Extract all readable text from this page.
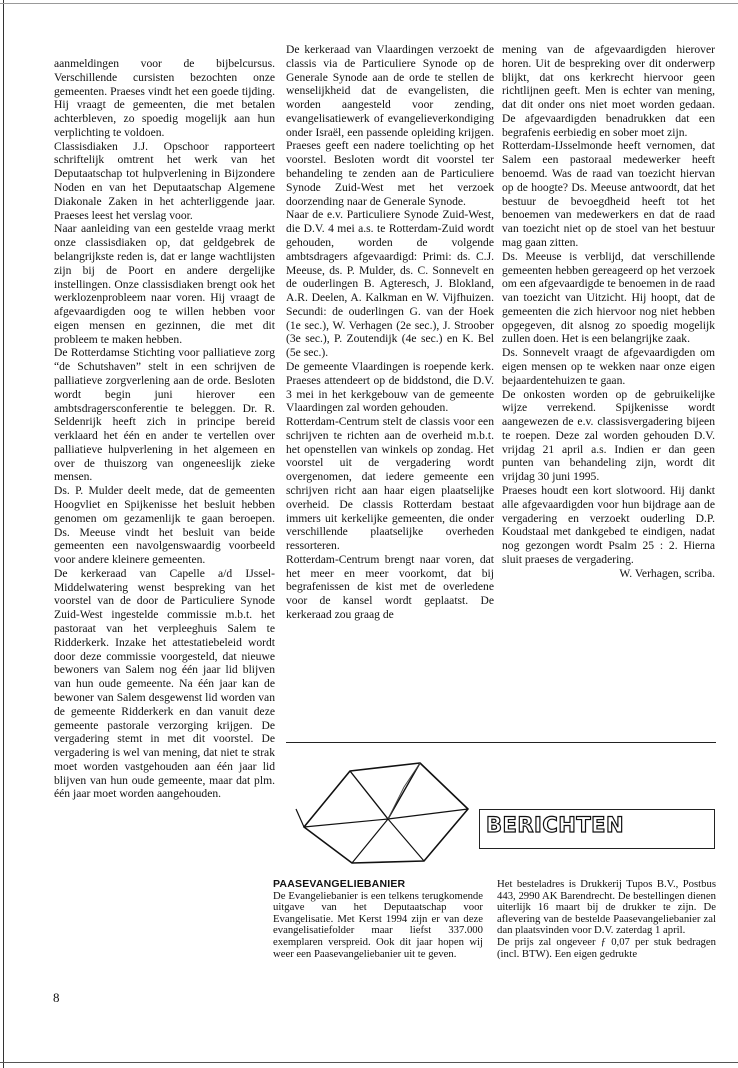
aanmeldingen voor de bijbelcursus. Verschillende cursisten bezochten onze gemeenten. Praeses vindt het een goede tijding. Hij vraagt de gemeenten, die met betalen achterbleven, zo spoedig mogelijk aan hun verplichting te voldoen.

Classisdiaken J.J. Opschoor rapporteert schriftelijk omtrent het werk van het Deputaatschap tot hulpverlening in Bijzondere Noden en van het Deputaatschap Algemene Diakonale Zaken in het achterliggende jaar. Praeses leest het verslag voor.

Naar aanleiding van een gestelde vraag merkt onze classisdiaken op, dat geldgebrek de belangrijkste reden is, dat er lange wachtlijsten zijn bij de Poort en andere dergelijke instellingen. Onze classisdiaken brengt ook het werklozenprobleem naar voren. Hij vraagt de afgevaardigden oog te willen hebben voor eigen mensen en gezinnen, die met dit probleem te maken hebben.

De Rotterdamse Stichting voor palliatieve zorg “de Schutshaven” stelt in een schrijven de palliatieve zorgverlening aan de orde. Besloten wordt begin juni hierover een ambtsdragersconferentie te beleggen. Dr. R. Seldenrijk heeft zich in principe bereid verklaard het één en ander te vertellen over palliatieve hulpverlening in het algemeen en over de thuiszorg van ongeneeslijk zieke mensen.

Ds. P. Mulder deelt mede, dat de gemeenten Hoogvliet en Spijkenisse het besluit hebben genomen om gezamenlijk te gaan beroepen. Ds. Meeuse vindt het besluit van beide gemeenten een navolgenswaardig voorbeeld voor andere kleinere gemeenten.

De kerkeraad van Capelle a/d IJssel-Middelwatering wenst bespreking van het voorstel van de door de Particuliere Synode Zuid-West ingestelde commissie m.b.t. het pastoraat van het verpleeghuis Salem te Ridderkerk. Inzake het attestatiebeleid wordt door deze commissie voorgesteld, dat nieuwe bewoners van Salem nog één jaar lid blijven van hun oude gemeente. Na één jaar kan de bewoner van Salem desgewenst lid worden van de gemeente Ridderkerk en dan vanuit deze gemeente pastorale verzorging krijgen. De vergadering stemt in met dit voorstel. De vergadering is wel van mening, dat niet te strak moet worden vastgehouden aan één jaar lid blijven van hun oude gemeente, maar dat plm. één jaar moet worden aangehouden.

De kerkeraad van Vlaardingen verzoekt de classis via de Particuliere Synode op de Generale Synode aan de orde te stellen de wenselijkheid dat de evangelisten, die worden aangesteld voor zending, evangelisatiewerk of evangelieverkondiging onder Israël, een passende opleiding krijgen. Praeses geeft een nadere toelichting op het voorstel. Besloten wordt dit voorstel ter behandeling te zenden aan de Particuliere Synode Zuid-West met het verzoek doorzending naar de Generale Synode.

Naar de e.v. Particuliere Synode Zuid-West, die D.V. 4 mei a.s. te Rotterdam-Zuid wordt gehouden, worden de volgende ambtsdragers afgevaardigd: Primi: ds. C.J. Meeuse, ds. P. Mulder, ds. C. Sonnevelt en de ouderlingen B. Agteresch, J. Blokland, A.R. Deelen, A. Kalkman en W. Vijfhuizen. Secundi: de ouderlingen G. van der Hoek (1e sec.), W. Verhagen (2e sec.), J. Stroober (3e sec.), P. Zoutendijk (4e sec.) en K. Bel (5e sec.).

De gemeente Vlaardingen is roepende kerk. Praeses attendeert op de biddstond, die D.V. 3 mei in het kerkgebouw van de gemeente Vlaardingen zal worden gehouden.

Rotterdam-Centrum stelt de classis voor een schrijven te richten aan de overheid m.b.t. het openstellen van winkels op zondag. Het voorstel uit de vergadering wordt overgenomen, dat iedere gemeente een schrijven richt aan haar eigen plaatselijke overheid. De classis Rotterdam bestaat immers uit kerkelijke gemeenten, die onder verschillende plaatselijke overheden ressorteren.

Rotterdam-Centrum brengt naar voren, dat het meer en meer voorkomt, dat bij begrafenissen de kist met de overledene voor de kansel wordt geplaatst. De kerkeraad zou graag de

mening van de afgevaardigden hierover horen. Uit de bespreking over dit onderwerp blijkt, dat ons kerkrecht hiervoor geen richtlijnen geeft. Men is echter van mening, dat dit onder ons niet moet worden gedaan. De afgevaardigden benadrukken dat een begrafenis eerbiedig en sober moet zijn.

Rotterdam-IJsselmonde heeft vernomen, dat Salem een pastoraal medewerker heeft benoemd. Was de raad van toezicht hiervan op de hoogte? Ds. Meeuse antwoordt, dat het bestuur de bevoegdheid heeft tot het benoemen van medewerkers en dat de raad van toezicht niet op de stoel van het bestuur mag gaan zitten.

Ds. Meeuse is verblijd, dat verschillende gemeenten hebben gereageerd op het verzoek om een afgevaardigde te benoemen in de raad van toezicht van Uitzicht. Hij hoopt, dat de gemeenten die zich hiervoor nog niet hebben opgegeven, dit alsnog zo spoedig mogelijk zullen doen. Het is een belangrijke zaak.

Ds. Sonnevelt vraagt de afgevaardigden om eigen mensen op te wekken naar onze eigen bejaardentehuizen te gaan.

De onkosten worden op de gebruikelijke wijze verrekend. Spijkenisse wordt aangewezen de e.v. classisvergadering bijeen te roepen. Deze zal worden gehouden D.V. vrijdag 21 april a.s. Indien er dan geen punten van behandeling zijn, wordt dit vrijdag 30 juni 1995.

Praeses houdt een kort slotwoord. Hij dankt alle afgevaardigden voor hun bijdrage aan de vergadering en verzoekt ouderling D.P. Koudstaal met dankgebed te eindigen, nadat nog gezongen wordt Psalm 25 : 2. Hierna sluit praeses de vergadering.

W. Verhagen, scriba.

8
BERICHTEN

PAASEVANGELIEBANIER

De Evangeliebanier is een telkens terugkomende uitgave van het Deputaatschap voor Evangelisatie. Met Kerst 1994 zijn er van deze evangelisatiefolder maar liefst 337.000 exemplaren verspreid. Ook dit jaar hopen wij weer een Paasevangeliebanier uit te geven.

Het besteladres is Drukkerij Tupos B.V., Postbus 443, 2990 AK Barendrecht. De bestellingen dienen uiterlijk 16 maart bij de drukker te zijn. De aflevering van de bestelde Paasevangeliebanier zal dan plaatsvinden voor D.V. zaterdag 1 april.

De prijs zal ongeveer ƒ 0,07 per stuk bedragen (incl. BTW). Een eigen gedrukte
